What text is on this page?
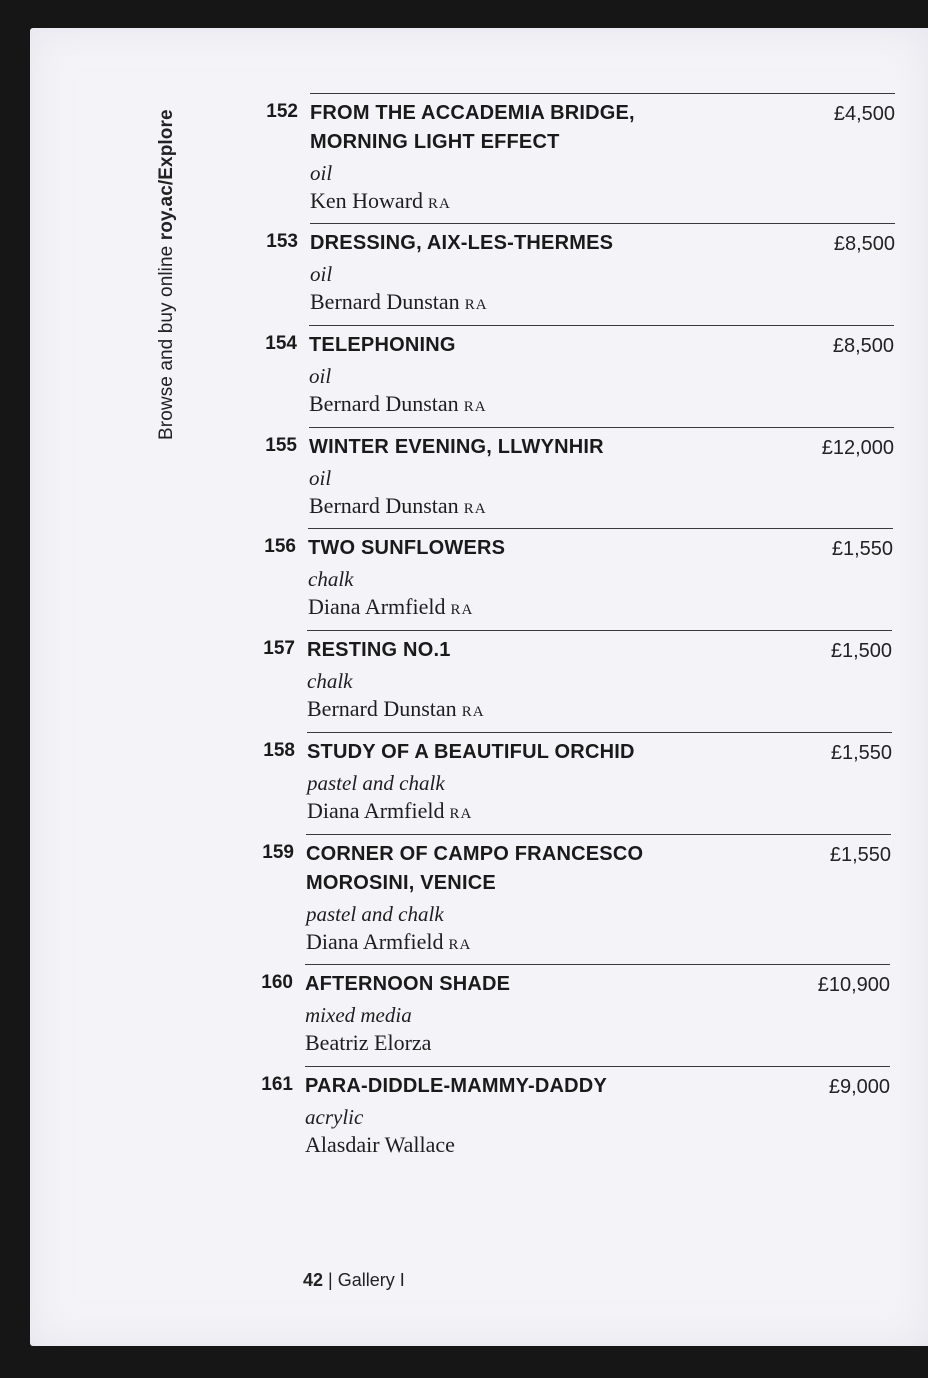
Browse and buy online roy.ac/Explore	152 FROM THE ACCADEMIA BRIDGE,
MORNING LIGHT EFFECT
oil
Ken Howard RA
£4,500
153 DRESSING, AIX-LES-THERMES
oil
Bernard Dunstan RA
£8,500
154 TELEPHONING
oil
Bernard Dunstan RA
£8,500
155 WINTER EVENING, LLWYNHIR
oil
Bernard Dunstan RA
£12,000
156 TWO SUNFLOWERS
chalk
Diana Armfield RA
£1,550
157 RESTING NO.1
chalk
Bernard Dunstan RA
£1,500
158 STUDY OF A BEAUTIFUL ORCHID
pastel and chalk
Diana Armfield RA
£1,550
159 CORNER OF CAMPO FRANCESCO
MOROSINI, VENICE
pastel and chalk
Diana Armfield RA
£1,550
160 AFTERNOON SHADE
mixed media
Beatriz Elorza
£10,900
161 PARA-DIDDLE-MAMMY-DADDY
acrylic
Alasdair Wallace
£9,000
42 | Gallery I
